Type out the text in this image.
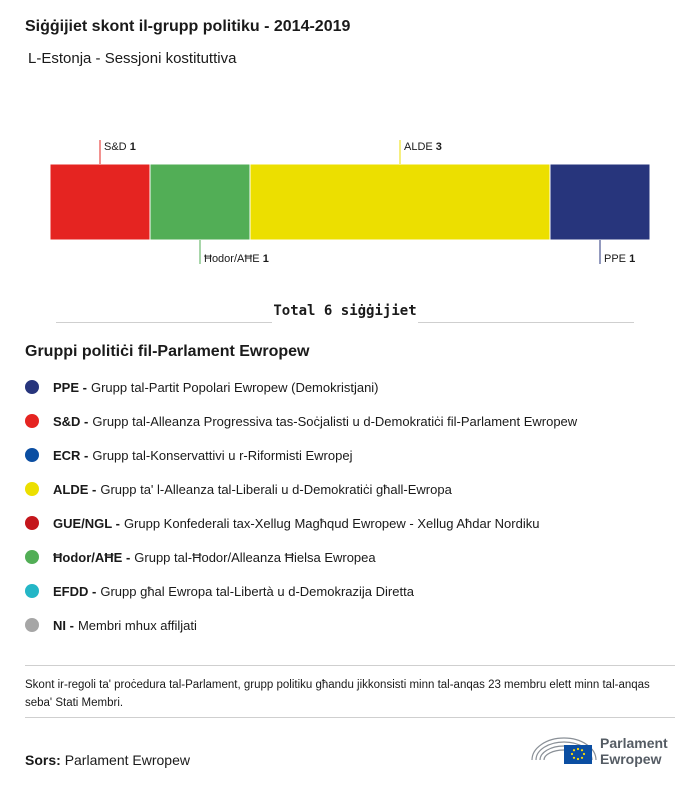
Siġġijiet skont il-grupp politiku - 2014-2019
L-Estonja - Sessjoni kostituttiva
S&D 1
Ħodor/AĦE 1
ALDE 3
PPE 1
Total 6 siġġijiet
Gruppi politiċi fil-Parlament Ewropew
PPE - Grupp tal-Partit Popolari Ewropew (Demokristjani)
S&D - Grupp tal-Alleanza Progressiva tas-Soċjalisti u d-Demokratiċi fil-Parlament Ewropew
ECR - Grupp tal-Konservattivi u r-Riformisti Ewropej
ALDE - Grupp ta' l-Alleanza tal-Liberali u d-Demokratiċi għall-Ewropa
GUE/NGL - Grupp Konfederali tax-Xellug Magħqud Ewropew - Xellug Aħdar Nordiku
Ħodor/AĦE - Grupp tal-Ħodor/Alleanza Ħielsa Ewropea
EFDD - Grupp għal Ewropa tal-Libertà u d-Demokrazija Diretta
NI - Membri mhux affiljati
Skont ir-regoli ta' proċedura tal-Parlament, grupp politiku għandu jikkonsisti minn tal-anqas 23 membru elett minn tal-anqas seba' Stati Membri.
Sors: Parlament Ewropew
Parlament
Ewropew
